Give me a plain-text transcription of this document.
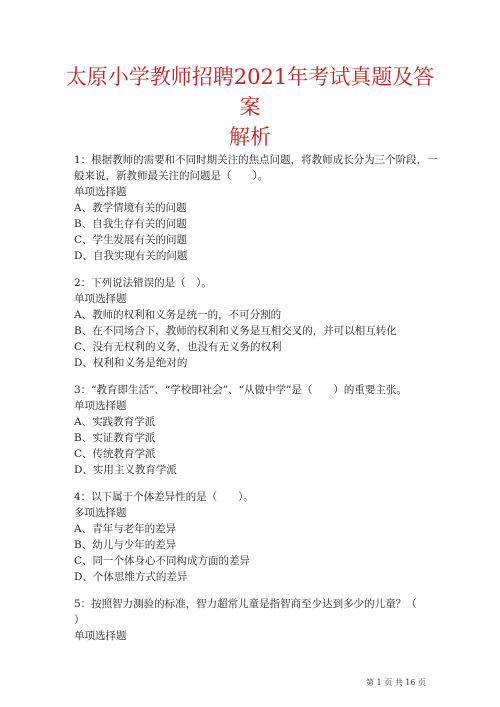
太原小学教师招聘2021年考试真题及答案
解析
1：根据教师的需要和不同时期关注的焦点问题，将教师成长分为三个阶段，一
般来说，新教师最关注的问题是（　　）。
单项选择题
A、教学情境有关的问题
B、自我生存有关的问题
C、学生发展有关的问题
D、自我实现有关的问题
2：下列说法错误的是（　）。
单项选择题
A、教师的权利和义务是统一的，不可分割的
B、在不同场合下，教师的权利和义务是互相交叉的，并可以相互转化
C、没有无权利的义务，也没有无义务的权利
D、权利和义务是绝对的
3：“教育即生活”、“学校即社会”、“从做中学”是（　　）的重要主张。
单项选择题
A、实践教育学派
B、实证教育学派
C、传统教育学派
D、实用主义教育学派
4：以下属于个体差异性的是（　　）。
多项选择题
A、青年与老年的差异
B、幼儿与少年的差异
C、同一个体身心不同构成方面的差异
D、个体思维方式的差异
5：按照智力测验的标准，智力超常儿童是指智商至少达到多少的儿童？（
）
单项选择题
第 1 页 共 16 页
